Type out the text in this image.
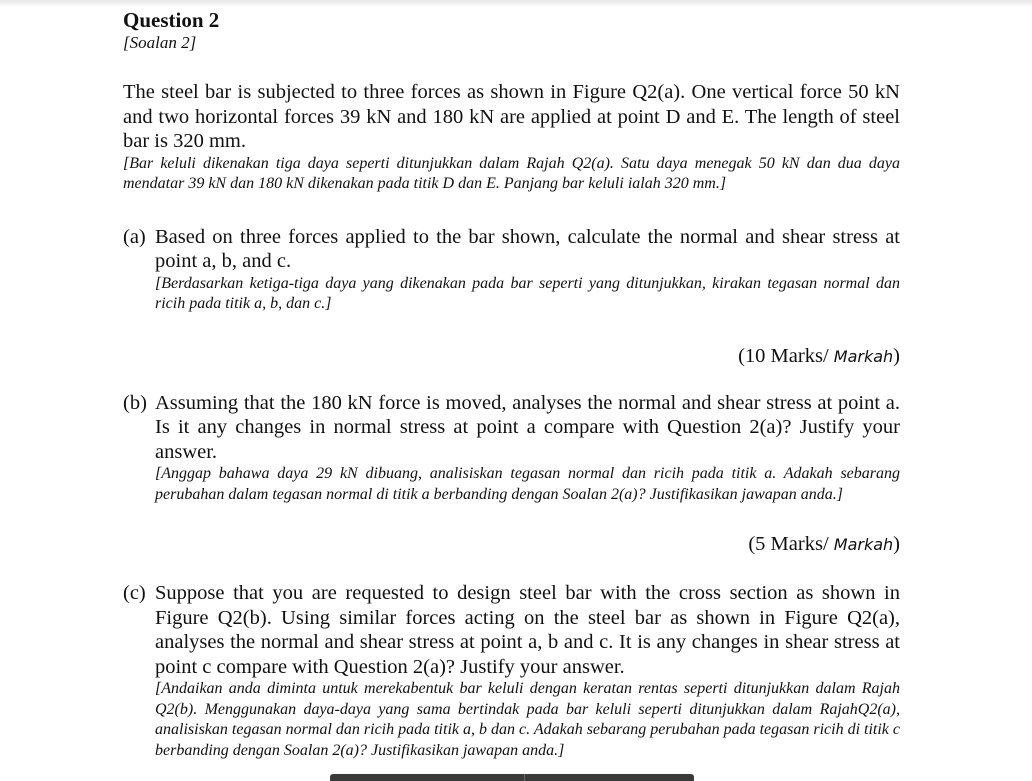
Question 2

[Soalan 2]

The steel bar is subjected to three forces as shown in Figure Q2(a). One vertical force 50 kN and two horizontal forces 39 kN and 180 kN are applied at point D and E. The length of steel bar is 320 mm.

[Bar keluli dikenakan tiga daya seperti ditunjukkan dalam Rajah Q2(a). Satu daya menegak 50 kN dan dua daya mendatar 39 kN dan 180 kN dikenakan pada titik D dan E. Panjang bar keluli ialah 320 mm.]

(a) Based on three forces applied to the bar shown, calculate the normal and shear stress at point a, b, and c.

[Berdasarkan ketiga-tiga daya yang dikenakan pada bar seperti yang ditunjukkan, kirakan tegasan normal dan ricih pada titik a, b, dan c.]

(10 Marks/ Markah)
(b) Assuming that the 180 kN force is moved, analyses the normal and shear stress at point a. Is it any changes in normal stress at point a compare with Question 2(a)? Justify your answer.

[Anggap bahawa daya 29 kN dibuang, analisiskan tegasan normal dan ricih pada titik a. Adakah sebarang perubahan dalam tegasan normal di titik a berbanding dengan Soalan 2(a)? Justifikasikan jawapan anda.]

(5 Marks/ Markah)
(c) Suppose that you are requested to design steel bar with the cross section as shown in Figure Q2(b). Using similar forces acting on the steel bar as shown in Figure Q2(a), analyses the normal and shear stress at point a, b and c. It is any changes in shear stress at point c compare with Question 2(a)? Justify your answer.

[Andaikan anda diminta untuk merekabentuk bar keluli dengan keratan rentas seperti ditunjukkan dalam Rajah Q2(b). Menggunakan daya-daya yang sama bertindak pada bar keluli seperti ditunjukkan dalam RajahQ2(a), analisiskan tegasan normal dan ricih pada titik a, b dan c. Adakah sebarang perubahan pada tegasan ricih di titik c berbanding dengan Soalan 2(a)? Justifikasikan jawapan anda.]
